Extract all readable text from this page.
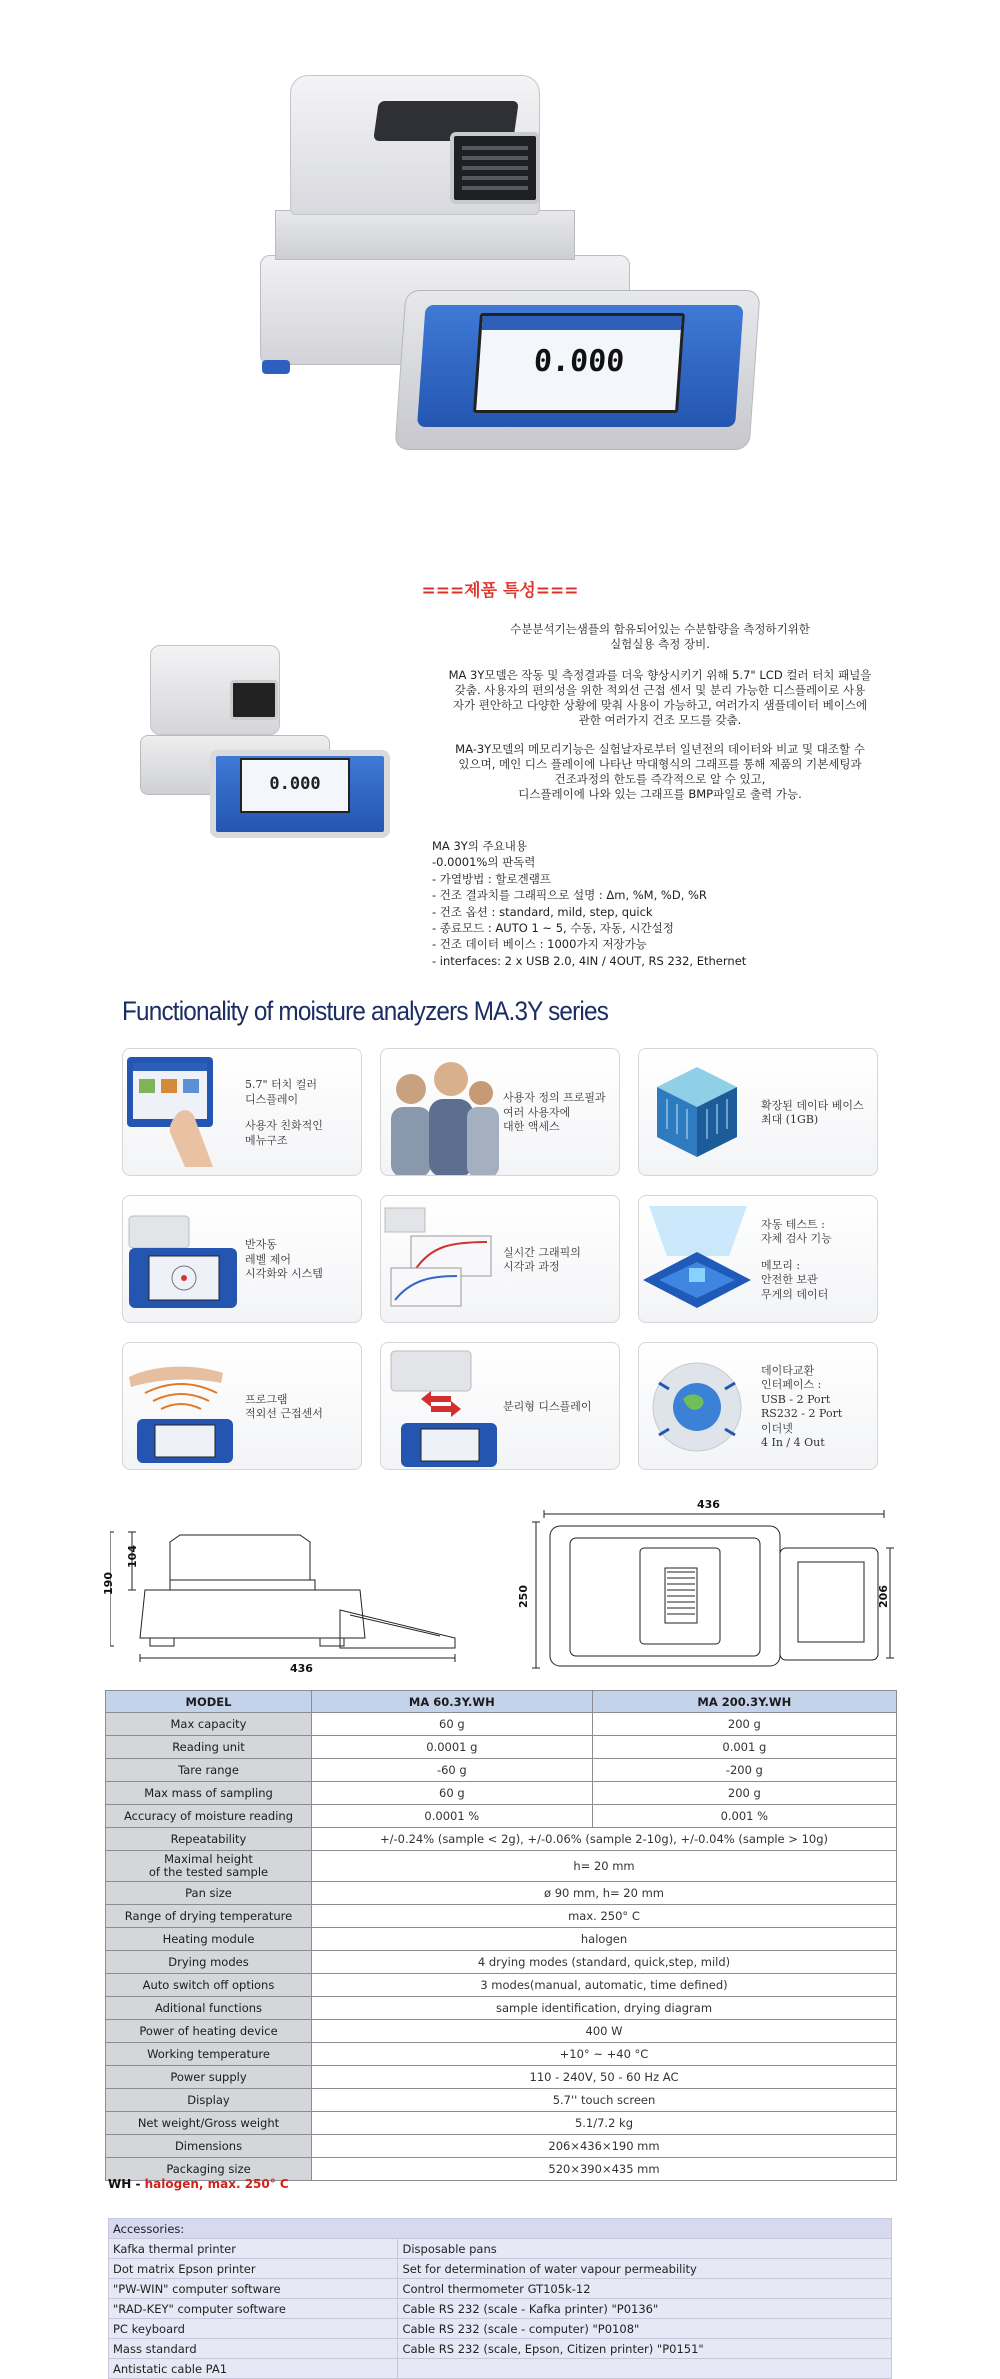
0.000
===제품 특성===
0.000
수분분석기는샘플의 함유되어있는 수분함량을 측정하기위한
실험실용 측정 장비.
MA 3Y모델은 작동 및 측정결과를 더욱 향상시키기 위해 5.7" LCD 컬러 터치 패널을
갖춤. 사용자의 편의성을 위한 적외선 근접 센서 및 분리 가능한 디스플레이로 사용
자가 편안하고 다양한 상황에 맞춰 사용이 가능하고, 여러가지 샘플데이터 베이스에
관한 여러가지 건조 모드를 갖춤.
MA-3Y모델의 메모리기능은 실험날자로부터 일년전의 데이터와 비교 및 대조할 수
있으며, 메인 디스 플레이에 나타난 막대형식의 그래프를 통해 제품의 기본세팅과
건조과정의 한도를 즉각적으로 알 수 있고,
디스플레이에 나와 있는 그래프를 BMP파일로 출력 가능.
MA 3Y의 주요내용
-0.0001%의 판독력
- 가열방법 : 할로겐램프
- 건조 결과치를 그래픽으로 설명 : Δm, %M, %D, %R
- 건조 옵션 : standard, mild, step, quick
- 종료모드 : AUTO 1 ~ 5, 수동, 자동, 시간설정
- 건조 데이터 베이스 : 1000가지 저장가능
- interfaces: 2 x USB 2.0, 4IN / 4OUT, RS 232, Ethernet
Functionality of moisture analyzers MA.3Y series
5.7" 터치 컬러
디스플레이
사용자 친화적인
메뉴구조
사용자 정의 프로필과
여러 사용자에
대한 액세스
확장된 데이타 베이스
최대 (1GB)
반자동
레벨 제어
시각화와 시스템
실시간 그래픽의
시각과 과정
자동 테스트 :
자체 검사 기능
메모리 :
안전한 보관
무게의 데이터
프로그램
적외선 근접센서
분리형 디스플레이
데이타교환
인터페이스 :
USB - 2 Port
RS232 - 2 Port
이더넷
4 In / 4 Out
190
104
436
436
250	206
MODEL	MA 60.3Y.WH	MA 200.3Y.WH
Max capacity	60 g	200 g
Reading unit	0.0001 g	0.001 g
Tare range	-60 g	-200 g
Max mass of sampling	60 g	200 g
Accuracy of moisture reading	0.0001 %	0.001 %
Repeatability	+/-0.24% (sample < 2g), +/-0.06% (sample 2-10g), +/-0.04% (sample > 10g)	
Maximal height
of the tested sample	h= 20 mm	
Pan size	ø 90 mm, h= 20 mm	
Range of drying temperature	max. 250° C	
Heating module	halogen	
Drying modes	4 drying modes (standard, quick,step, mild)	
Auto switch off options	3 modes(manual, automatic, time defined)	
Aditional functions	sample identification, drying diagram	
Power of heating device	400 W	
Working temperature	+10° ~ +40 °C	
Power supply	110 - 240V, 50 - 60 Hz AC	
Display	5.7'' touch screen	
Net weight/Gross weight	5.1/7.2 kg	
Dimensions	206×436×190 mm	
Packaging size	520×390×435 mm	
WH - halogen, max. 250° C
Accessories:	
Kafka thermal printer	Disposable pans
Dot matrix Epson printer	Set for determination of water vapour permeability
"PW-WIN" computer software	Control thermometer GT105k-12
"RAD-KEY" computer software	Cable RS 232 (scale - Kafka printer) "P0136"
PC keyboard	Cable RS 232 (scale - computer) "P0108"
Mass standard	Cable RS 232 (scale, Epson, Citizen printer) "P0151"
Antistatic cable PA1	
